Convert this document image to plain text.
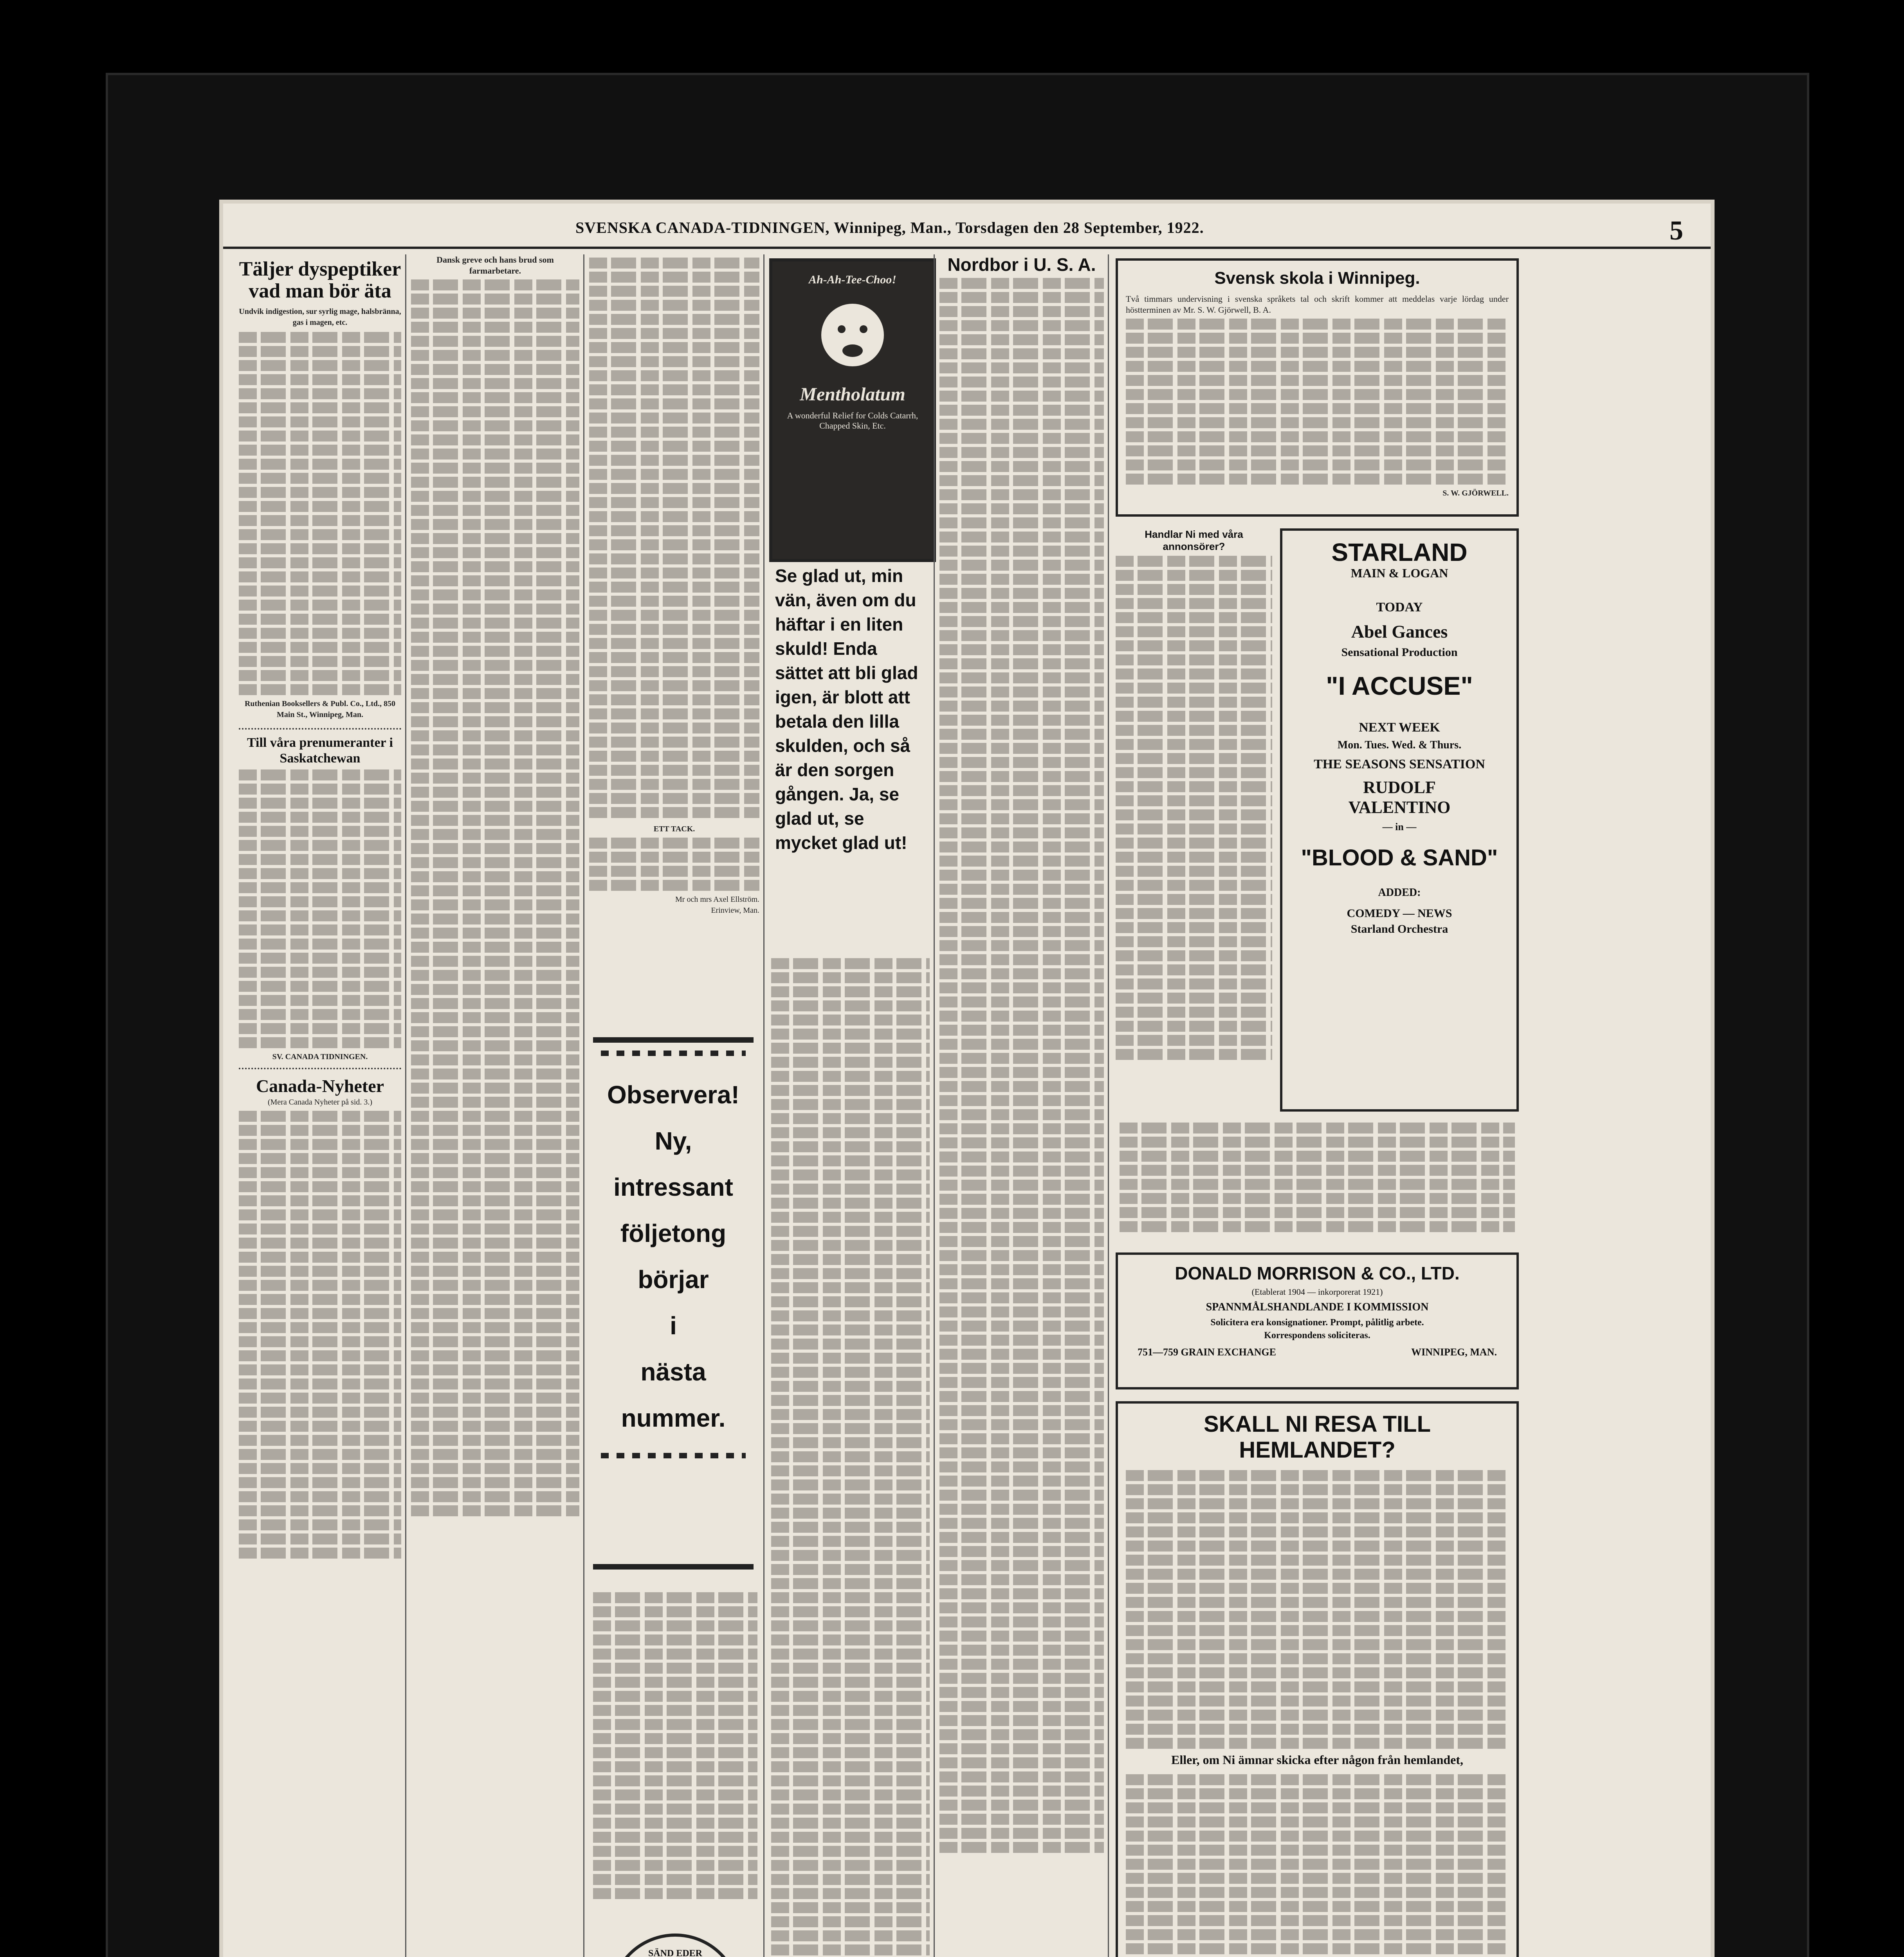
SVENSKA CANADA-TIDNINGEN, Winnipeg, Man., Torsdagen den 28 September, 1922.	5
Täljer dyspeptiker vad man bör äta
Undvik indigestion, sur syrlig mage, halsbränna, gas i magen, etc.
Ruthenian Booksellers & Publ. Co., Ltd., 850 Main St., Winnipeg, Man.
Till våra prenumeranter i Saskatchewan
SV. CANADA TIDNINGEN.
Canada-Nyheter
(Mera Canada Nyheter på sid. 3.)
Dansk greve och hans brud som farmarbetare.
ETT TACK.
Mr och mrs Axel Ellström.
Erinview, Man.
Observera!
Ny,
intressant
följetong
börjar
i
nästa
nummer.
SÄND EDER
Ah-Ah-Tee-Choo!
Mentholatum
A wonderful Relief for Colds Catarrh, Chapped Skin, Etc.
Se glad ut, min vän, även om du häftar i en liten skuld! Enda sättet att bli glad igen, är blott att betala den lilla skulden, och så är den sorgen gången. Ja, se glad ut, se mycket glad ut!
Nordbor i U. S. A.
Svensk skola i Winnipeg.
Två timmars undervisning i svenska språkets tal och skrift kommer att meddelas varje lördag under höstterminen av Mr. S. W. Gjörwell, B. A.
S. W. GJÖRWELL.
Handlar Ni med våra annonsörer?	STARLAND
MAIN & LOGAN
TODAY
Abel Gances
Sensational Production
"I ACCUSE"
NEXT WEEK
Mon. Tues. Wed. & Thurs.
THE SEASONS SENSATION
RUDOLF VALENTINO
— in —
"BLOOD & SAND"
ADDED:
COMEDY — NEWS
Starland Orchestra
DONALD MORRISON & CO., LTD.
(Etablerat 1904 — inkorporerat 1921)
SPANNMÅLSHANDLANDE I KOMMISSION
Solicitera era konsignationer. Prompt, pålitlig arbete.
Korrespondens soliciteras.
751—759 GRAIN EXCHANGE	WINNIPEG, MAN.
SKALL NI RESA TILL HEMLANDET?
Eller, om Ni ämnar skicka efter någon från hemlandet,
